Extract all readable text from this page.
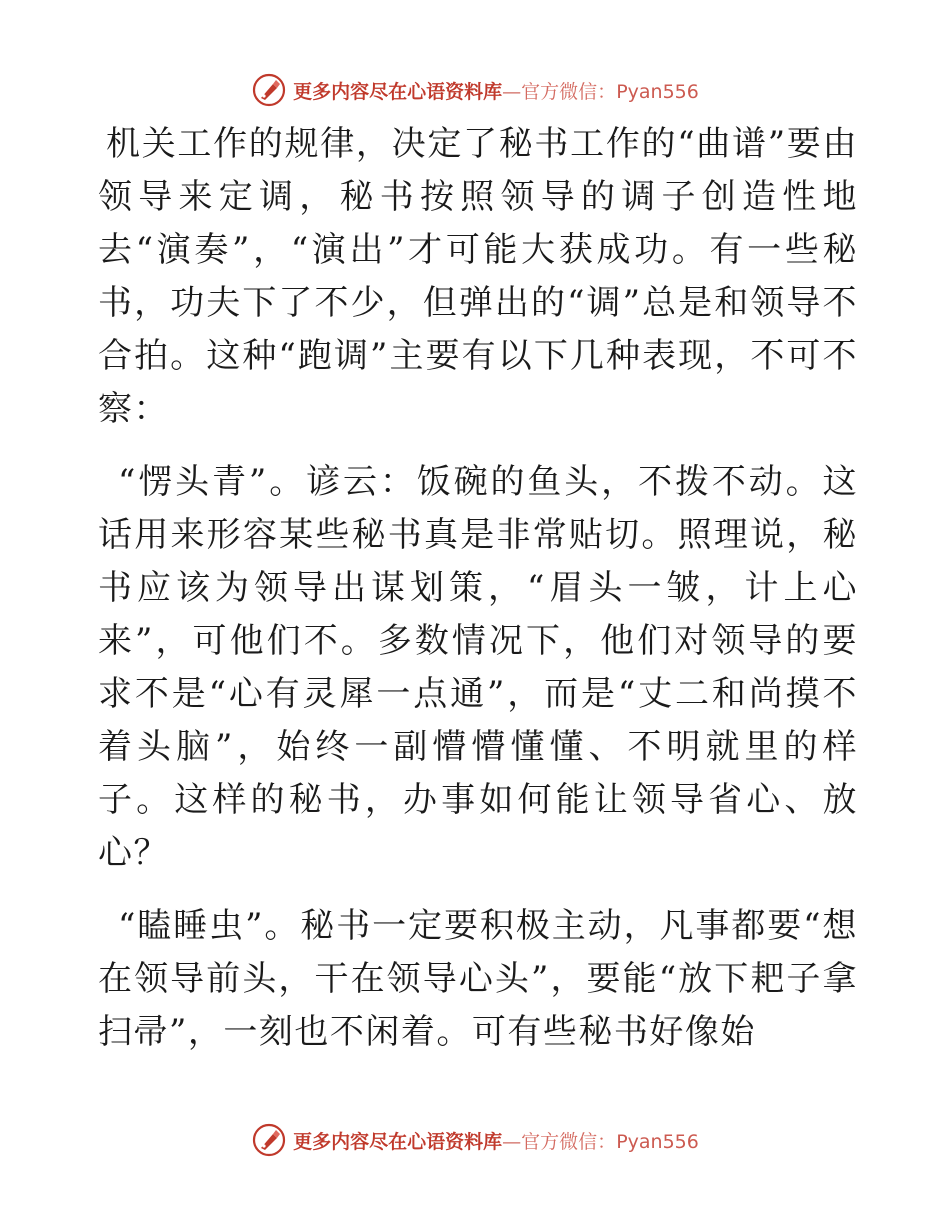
更多内容尽在心语资料库—官方微信：Pyan556

机关工作的规律，决定了秘书工作的“曲谱”要由领导来定调，秘书按照领导的调子创造性地去“演奏”，“演出”才可能大获成功。有一些秘书，功夫下了不少，但弹出的“调”总是和领导不合拍。这种“跑调”主要有以下几种表现，不可不察：

“愣头青”。谚云：饭碗的鱼头，不拨不动。这话用来形容某些秘书真是非常贴切。照理说，秘书应该为领导出谋划策，“眉头一皱，计上心来”，可他们不。多数情况下，他们对领导的要求不是“心有灵犀一点通”，而是“丈二和尚摸不着头脑”，始终一副懵懵懂懂、不明就里的样子。这样的秘书，办事如何能让领导省心、放心？

“瞌睡虫”。秘书一定要积极主动，凡事都要“想在领导前头，干在领导心头”，要能“放下耙子拿扫帚”，一刻也不闲着。可有些秘书好像始

更多内容尽在心语资料库—官方微信：Pyan556
